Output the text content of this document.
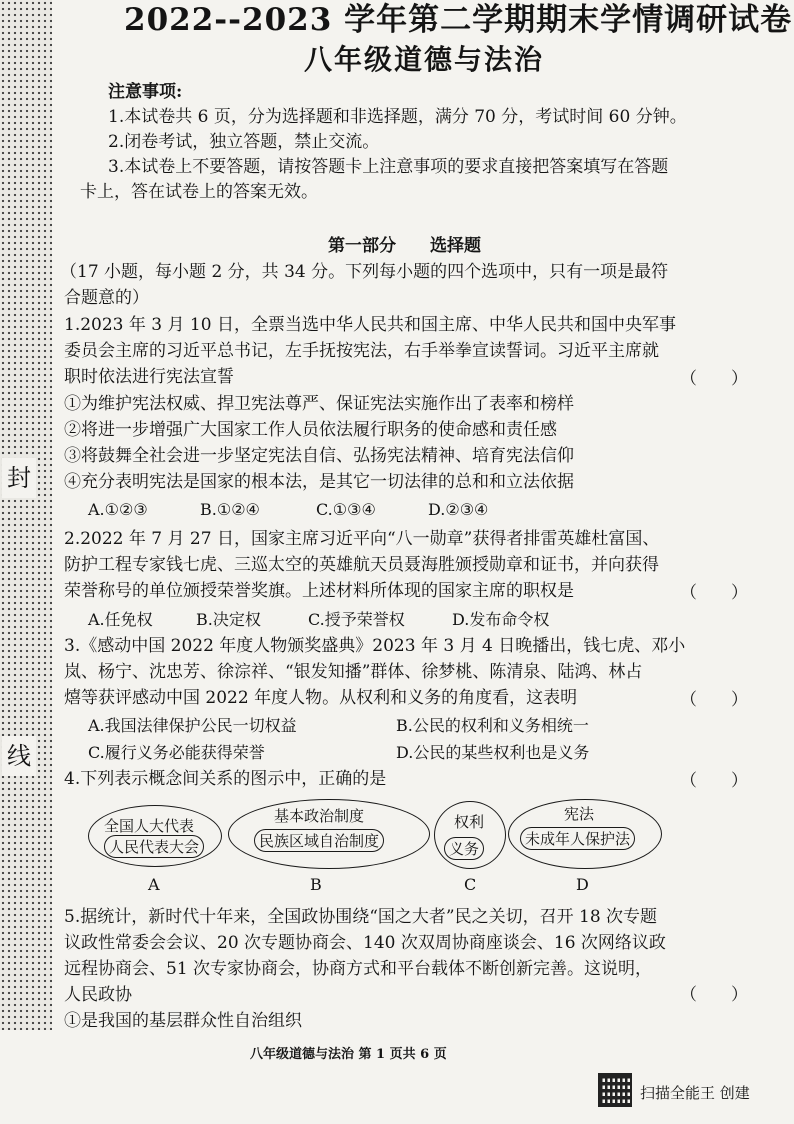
封
线
2022--2023 学年第二学期期末学情调研试卷
八年级道德与法治
注意事项:
1.本试卷共 6 页，分为选择题和非选择题，满分 70 分，考试时间 60 分钟。
2.闭卷考试，独立答题，禁止交流。
3.本试卷上不要答题，请按答题卡上注意事项的要求直接把答案填写在答题
卡上，答在试卷上的答案无效。
第一部分　　选择题
（17 小题，每小题 2 分，共 34 分。下列每小题的四个选项中，只有一项是最符
合题意的）
1.2023 年 3 月 10 日，全票当选中华人民共和国主席、中华人民共和国中央军事
委员会主席的习近平总书记，左手抚按宪法，右手举拳宣读誓词。习近平主席就
职时依法进行宪法宣誓	（　　）
①为维护宪法权威、捍卫宪法尊严、保证宪法实施作出了表率和榜样
②将进一步增强广大国家工作人员依法履行职务的使命感和责任感
③将鼓舞全社会进一步坚定宪法自信、弘扬宪法精神、培育宪法信仰
④充分表明宪法是国家的根本法，是其它一切法律的总和和立法依据
A.①②③	B.①②④	C.①③④	D.②③④
2.2022 年 7 月 27 日，国家主席习近平向“八一勋章”获得者排雷英雄杜富国、
防护工程专家钱七虎、三巡太空的英雄航天员聂海胜颁授勋章和证书，并向获得
荣誉称号的单位颁授荣誉奖旗。上述材料所体现的国家主席的职权是	（　　）
A.任免权	B.决定权	C.授予荣誉权	D.发布命令权
3.《感动中国 2022 年度人物颁奖盛典》2023 年 3 月 4 日晚播出，钱七虎、邓小
岚、杨宁、沈忠芳、徐淙祥、“银发知播”群体、徐梦桃、陈清泉、陆鸿、林占
熺等获评感动中国 2022 年度人物。从权利和义务的角度看，这表明	（　　）
A.我国法律保护公民一切权益	B.公民的权利和义务相统一
C.履行义务必能获得荣誉	D.公民的某些权利也是义务
4.下列表示概念间关系的图示中，正确的是	（　　）
全国人大代表
人民代表大会
A
基本政治制度
民族区域自治制度
B
权利
义务
C
宪法
未成年人保护法
D
5.据统计，新时代十年来，全国政协围绕“国之大者”民之关切，召开 18 次专题
议政性常委会会议、20 次专题协商会、140 次双周协商座谈会、16 次网络议政
远程协商会、51 次专家协商会，协商方式和平台载体不断创新完善。这说明，
人民政协	（　　）
①是我国的基层群众性自治组织
八年级道德与法治 第 1 页共 6 页
扫描全能王 创建
